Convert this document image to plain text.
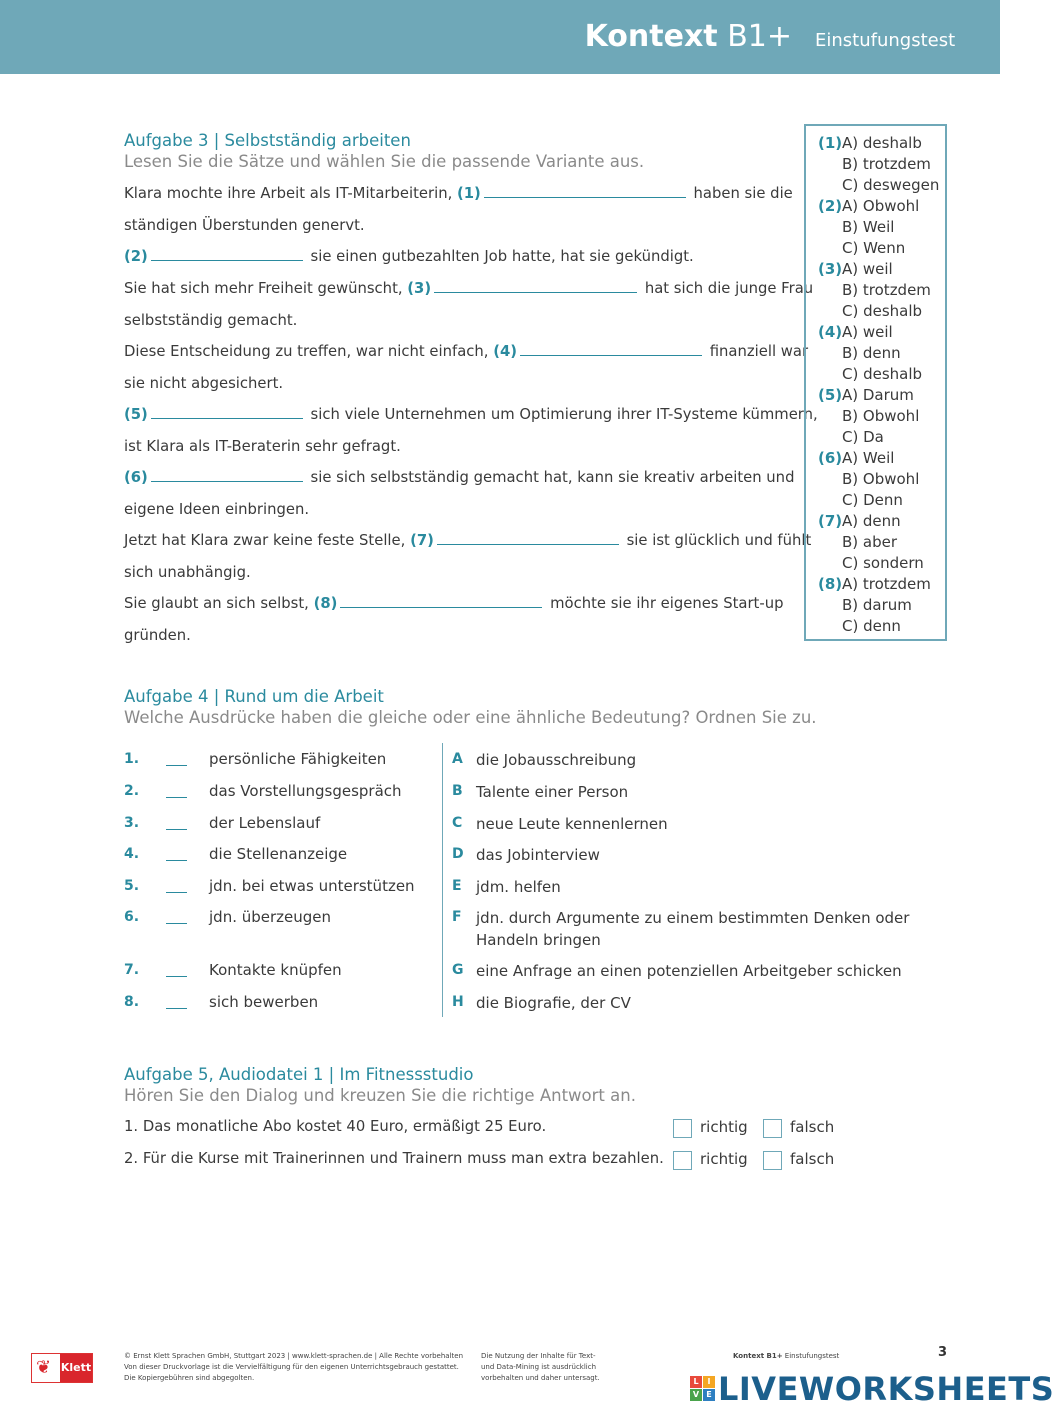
Kontext B1+ Einstufungstest
Aufgabe 3 | Selbstständig arbeiten
Lesen Sie die Sätze und wählen Sie die passende Variante aus.
Klara mochte ihre Arbeit als IT-Mitarbeiterin, (1)	haben sie die
ständigen Überstunden genervt.
(2)	sie einen gutbezahlten Job hatte, hat sie gekündigt.
Sie hat sich mehr Freiheit gewünscht, (3)	hat sich die junge Frau
selbstständig gemacht.
Diese Entscheidung zu treffen, war nicht einfach, (4)	finanziell war
sie nicht abgesichert.
(5)	sich viele Unternehmen um Optimierung ihrer IT-Systeme kümmern,
ist Klara als IT-Beraterin sehr gefragt.
(6)	sie sich selbstständig gemacht hat, kann sie kreativ arbeiten und
eigene Ideen einbringen.
Jetzt hat Klara zwar keine feste Stelle, (7)	sie ist glücklich und fühlt
sich unabhängig.
Sie glaubt an sich selbst, (8)	möchte sie ihr eigenes Start-up
gründen.
(1) A) deshalb
B) trotzdem
C) deswegen
(2) A) Obwohl
B) Weil
C) Wenn
(3) A) weil
B) trotzdem
C) deshalb
(4) A) weil
B) denn
C) deshalb
(5) A) Darum
B) Obwohl
C) Da
(6) A) Weil
B) Obwohl
C) Denn
(7) A) denn
B) aber
C) sondern
(8) A) trotzdem
B) darum
C) denn
Aufgabe 4 | Rund um die Arbeit
Welche Ausdrücke haben die gleiche oder eine ähnliche Bedeutung? Ordnen Sie zu.
1.	persönliche Fähigkeiten	A die Jobausschreibung
2.	das Vorstellungsgespräch	B Talente einer Person
3.	der Lebenslauf	C neue Leute kennenlernen
4.	die Stellenanzeige	D das Jobinterview
5.	jdn. bei etwas unterstützen	E jdm. helfen
6.	jdn. überzeugen	F jdn. durch Argumente zu einem bestimmten Denken oder
Handeln bringen
7.	Kontakte knüpfen	G eine Anfrage an einen potenziellen Arbeitgeber schicken
8.	sich bewerben	H die Biografie, der CV
Aufgabe 5, Audiodatei 1 | Im Fitnessstudio
Hören Sie den Dialog und kreuzen Sie die richtige Antwort an.
1. Das monatliche Abo kostet 40 Euro, ermäßigt 25 Euro.	richtig	falsch
2. Für die Kurse mit Trainerinnen und Trainern muss man extra bezahlen. richtig	falsch
❦ Klett
© Ernst Klett Sprachen GmbH, Stuttgart 2023 | www.klett-sprachen.de | Alle Rechte vorbehalten
Von dieser Druckvorlage ist die Vervielfältigung für den eigenen Unterrichtsgebrauch gestattet.
Die Kopiergebühren sind abgegolten.
Die Nutzung der Inhalte für Text-
und Data-Mining ist ausdrücklich
vorbehalten und daher untersagt.
Kontext B1+ Einstufungstest	3
L	I
V E LIVEWORKSHEETS
